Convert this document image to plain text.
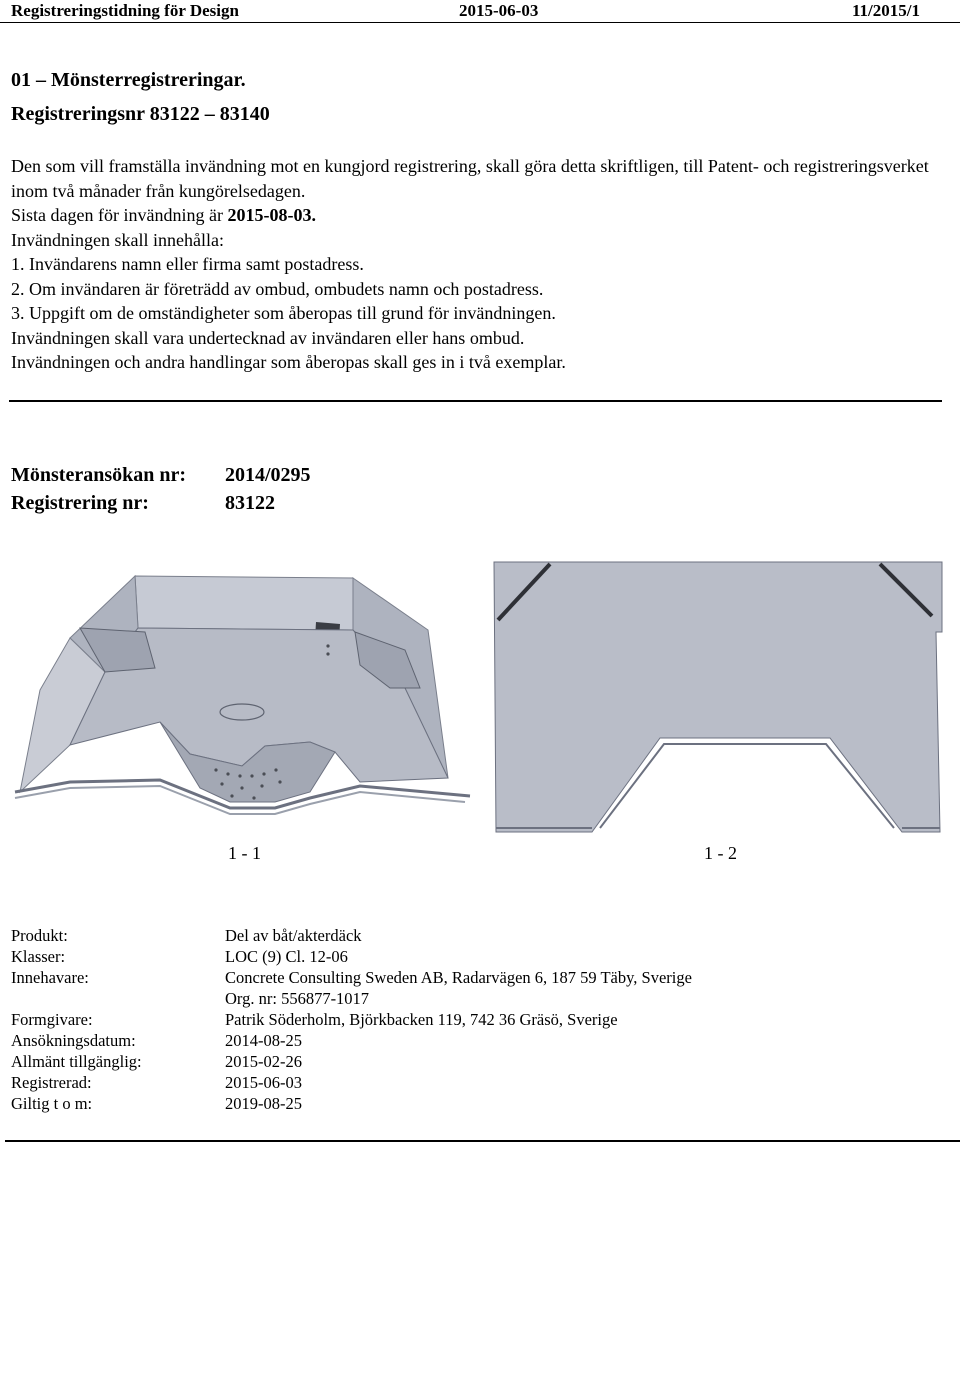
Registreringstidning för Design	2015-06-03	11/2015/1
01 – Mönsterregistreringar.
Registreringsnr 83122 – 83140

Den som vill framställa invändning mot en kungjord registrering, skall göra detta skriftligen, till Patent- och registreringsverket inom två månader från kungörelsedagen.

Sista dagen för invändning är 2015-08-03.

Invändningen skall innehålla:

1. Invändarens namn eller firma samt postadress.

2. Om invändaren är företrädd av ombud, ombudets namn och postadress.

3. Uppgift om de omständigheter som åberopas till grund för invändningen.

Invändningen skall vara undertecknad av invändaren eller hans ombud.

Invändningen och andra handlingar som åberopas skall ges in i två exemplar.

Mönsteransökan nr:	2014/0295
Registrering nr:	83122
1 - 1	1 - 2
Produkt:	Del av båt/akterdäck
Klasser:	LOC (9) Cl. 12-06
Innehavare:	Concrete Consulting Sweden AB, Radarvägen 6, 187 59 Täby, Sverige
Org. nr: 556877-1017
Formgivare:	Patrik Söderholm, Björkbacken 119, 742 36 Gräsö, Sverige
Ansökningsdatum:	2014-08-25
Allmänt tillgänglig:	2015-02-26
Registrerad:	2015-06-03
Giltig t o m:	2019-08-25
